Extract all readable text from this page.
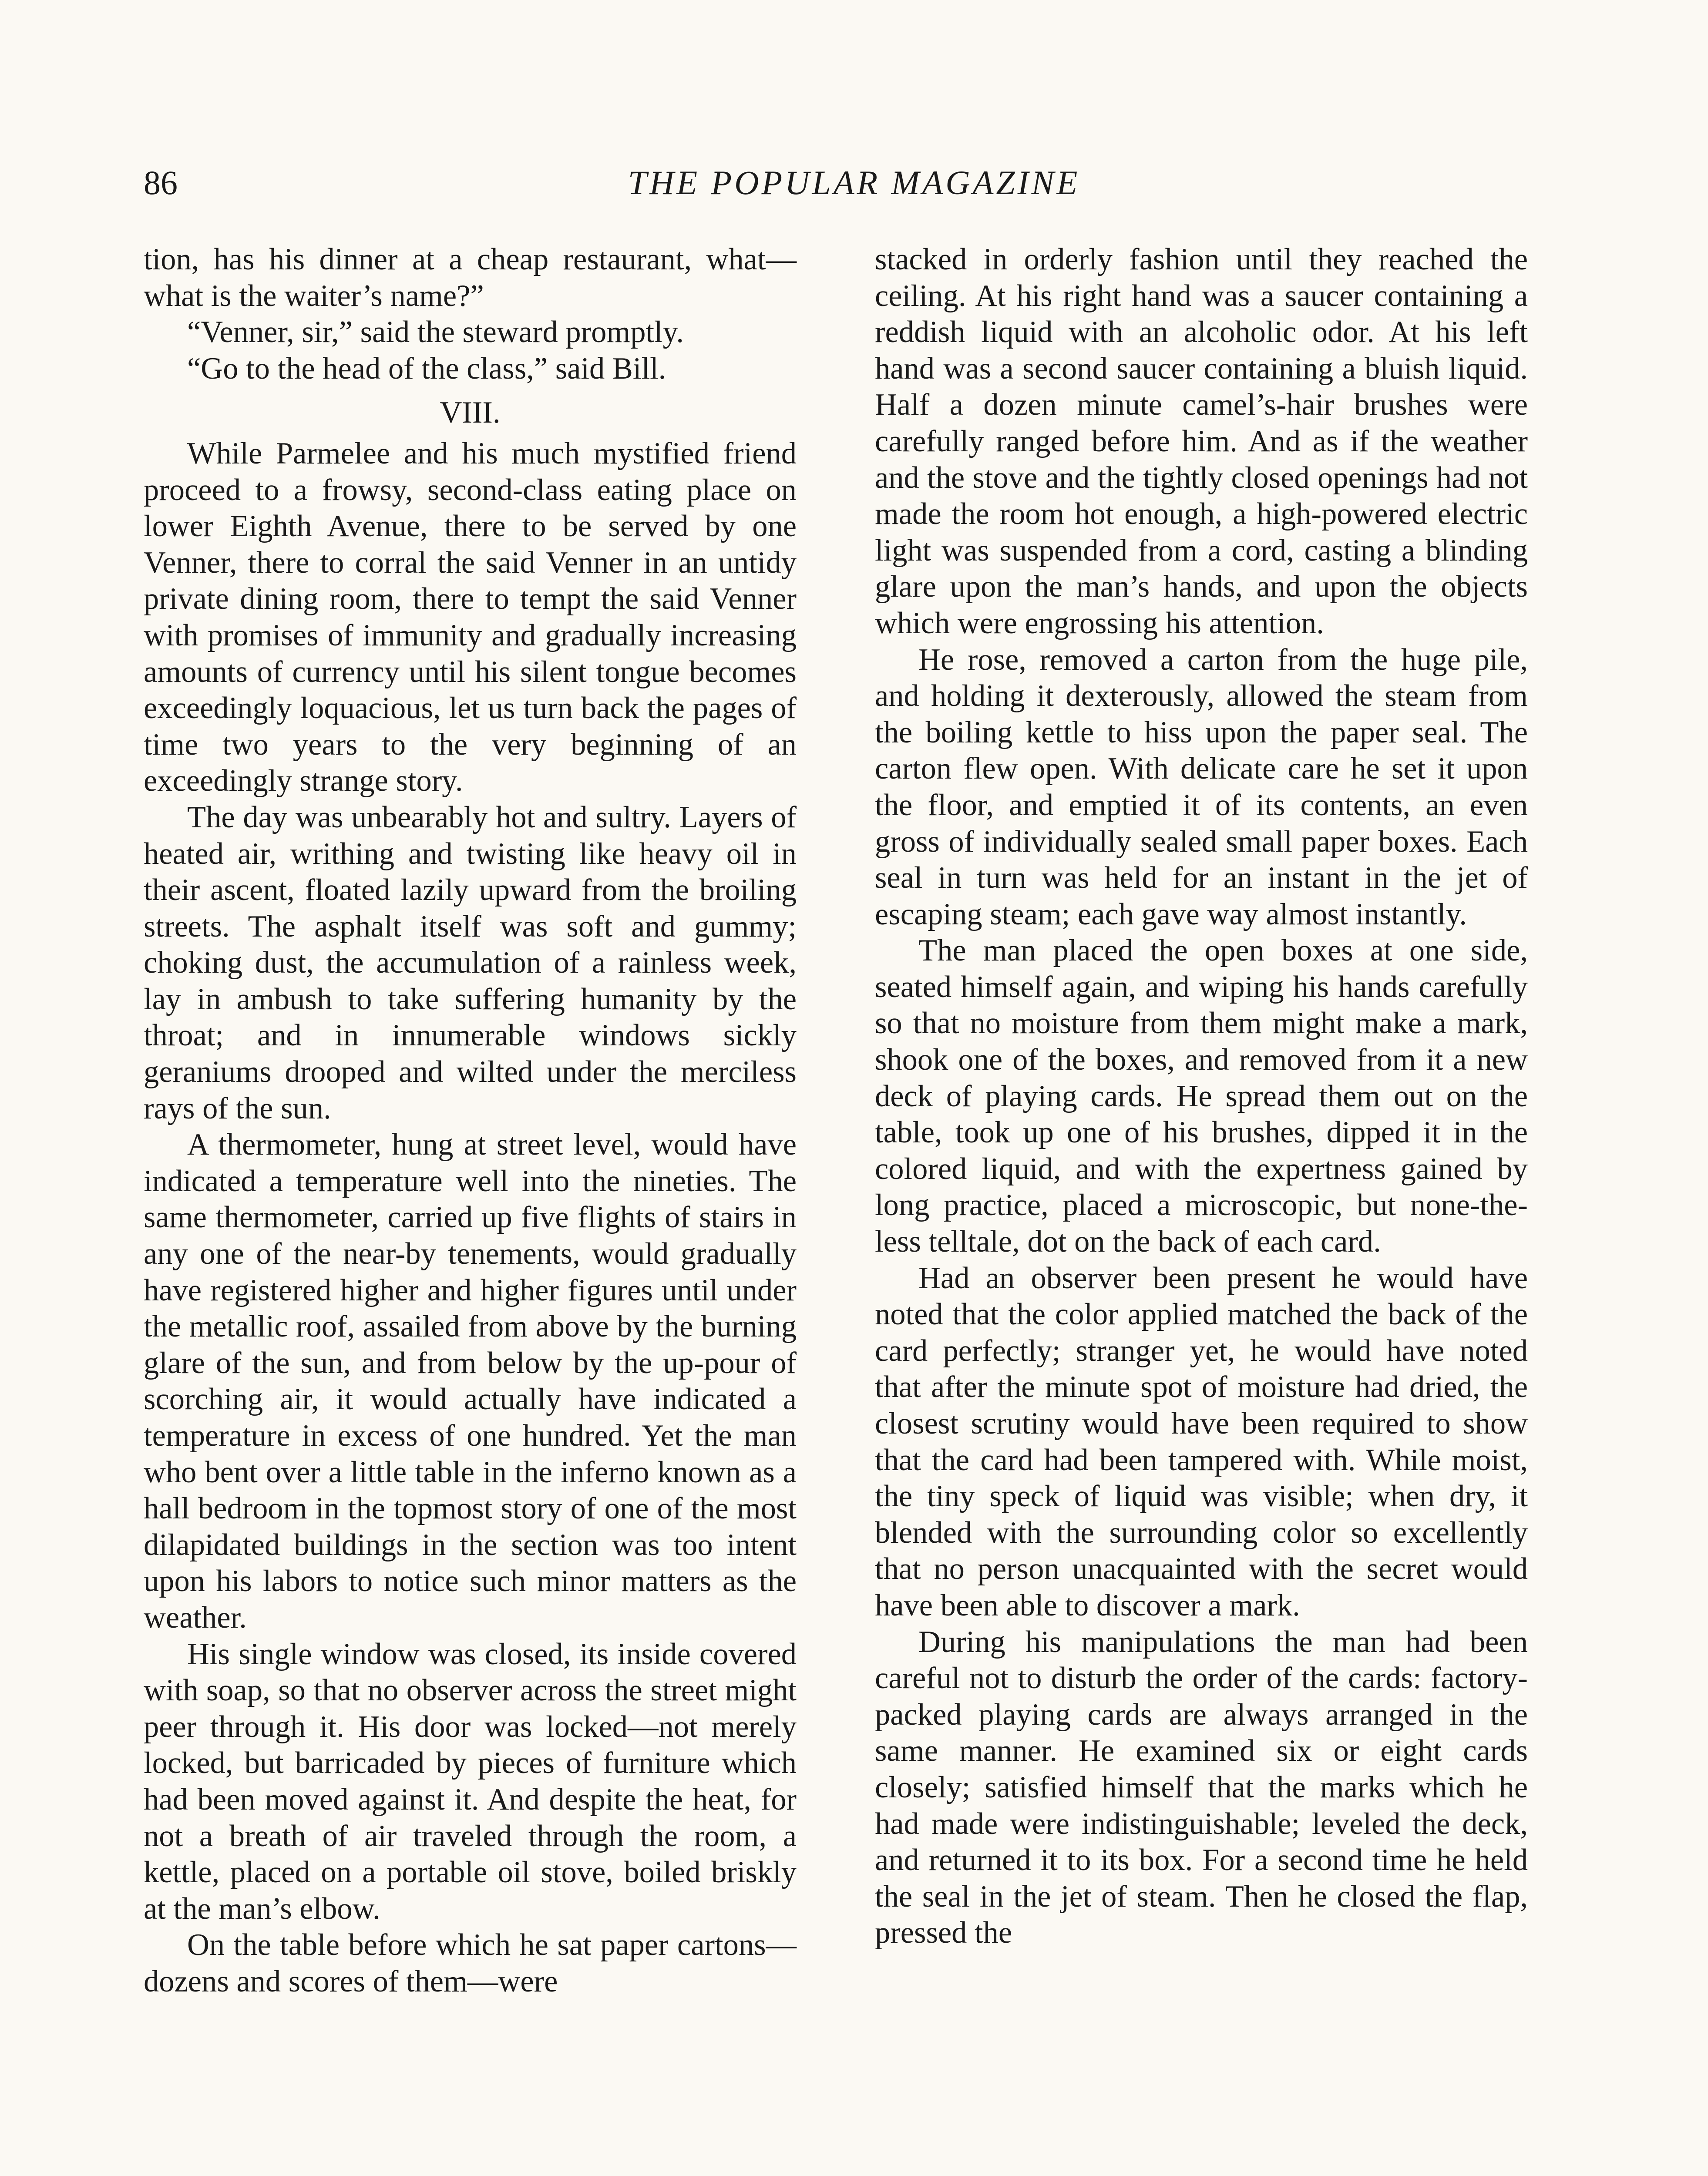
86	THE POPULAR MAGAZINE

tion, has his dinner at a cheap restaurant, what—what is the waiter’s name?”

“Venner, sir,” said the steward promptly.

“Go to the head of the class,” said Bill.

VIII.

While Parmelee and his much mystified friend proceed to a frowsy, second-class eating place on lower Eighth Avenue, there to be served by one Venner, there to corral the said Venner in an untidy private dining room, there to tempt the said Venner with promises of immunity and gradually increasing amounts of currency until his silent tongue becomes exceedingly loquacious, let us turn back the pages of time two years to the very beginning of an exceedingly strange story.

The day was unbearably hot and sultry. Layers of heated air, writhing and twisting like heavy oil in their ascent, floated lazily upward from the broiling streets. The asphalt itself was soft and gummy; choking dust, the accumulation of a rainless week, lay in ambush to take suffering humanity by the throat; and in innumerable windows sickly geraniums drooped and wilted under the merciless rays of the sun.

A thermometer, hung at street level, would have indicated a temperature well into the nineties. The same thermometer, carried up five flights of stairs in any one of the near-by tenements, would gradually have registered higher and higher figures until under the metallic roof, assailed from above by the burning glare of the sun, and from below by the up-pour of scorching air, it would actually have indicated a temperature in excess of one hundred. Yet the man who bent over a little table in the inferno known as a hall bedroom in the topmost story of one of the most dilapidated buildings in the section was too intent upon his labors to notice such minor matters as the weather.

His single window was closed, its inside covered with soap, so that no observer across the street might peer through it. His door was locked—not merely locked, but barricaded by pieces of furniture which had been moved against it. And despite the heat, for not a breath of air traveled through the room, a kettle, placed on a portable oil stove, boiled briskly at the man’s elbow.

On the table before which he sat paper cartons—dozens and scores of them—were

stacked in orderly fashion until they reached the ceiling. At his right hand was a saucer containing a reddish liquid with an alcoholic odor. At his left hand was a second saucer containing a bluish liquid. Half a dozen minute camel’s-hair brushes were carefully ranged before him. And as if the weather and the stove and the tightly closed openings had not made the room hot enough, a high-powered electric light was suspended from a cord, casting a blinding glare upon the man’s hands, and upon the objects which were engrossing his attention.

He rose, removed a carton from the huge pile, and holding it dexterously, allowed the steam from the boiling kettle to hiss upon the paper seal. The carton flew open. With delicate care he set it upon the floor, and emptied it of its contents, an even gross of individually sealed small paper boxes. Each seal in turn was held for an instant in the jet of escaping steam; each gave way almost instantly.

The man placed the open boxes at one side, seated himself again, and wiping his hands carefully so that no moisture from them might make a mark, shook one of the boxes, and removed from it a new deck of playing cards. He spread them out on the table, took up one of his brushes, dipped it in the colored liquid, and with the expertness gained by long practice, placed a microscopic, but none-the-less telltale, dot on the back of each card.

Had an observer been present he would have noted that the color applied matched the back of the card perfectly; stranger yet, he would have noted that after the minute spot of moisture had dried, the closest scrutiny would have been required to show that the card had been tampered with. While moist, the tiny speck of liquid was visible; when dry, it blended with the surrounding color so excellently that no person unacquainted with the secret would have been able to discover a mark.

During his manipulations the man had been careful not to disturb the order of the cards: factory-packed playing cards are always arranged in the same manner. He examined six or eight cards closely; satisfied himself that the marks which he had made were indistinguishable; leveled the deck, and returned it to its box. For a second time he held the seal in the jet of steam. Then he closed the flap, pressed the
